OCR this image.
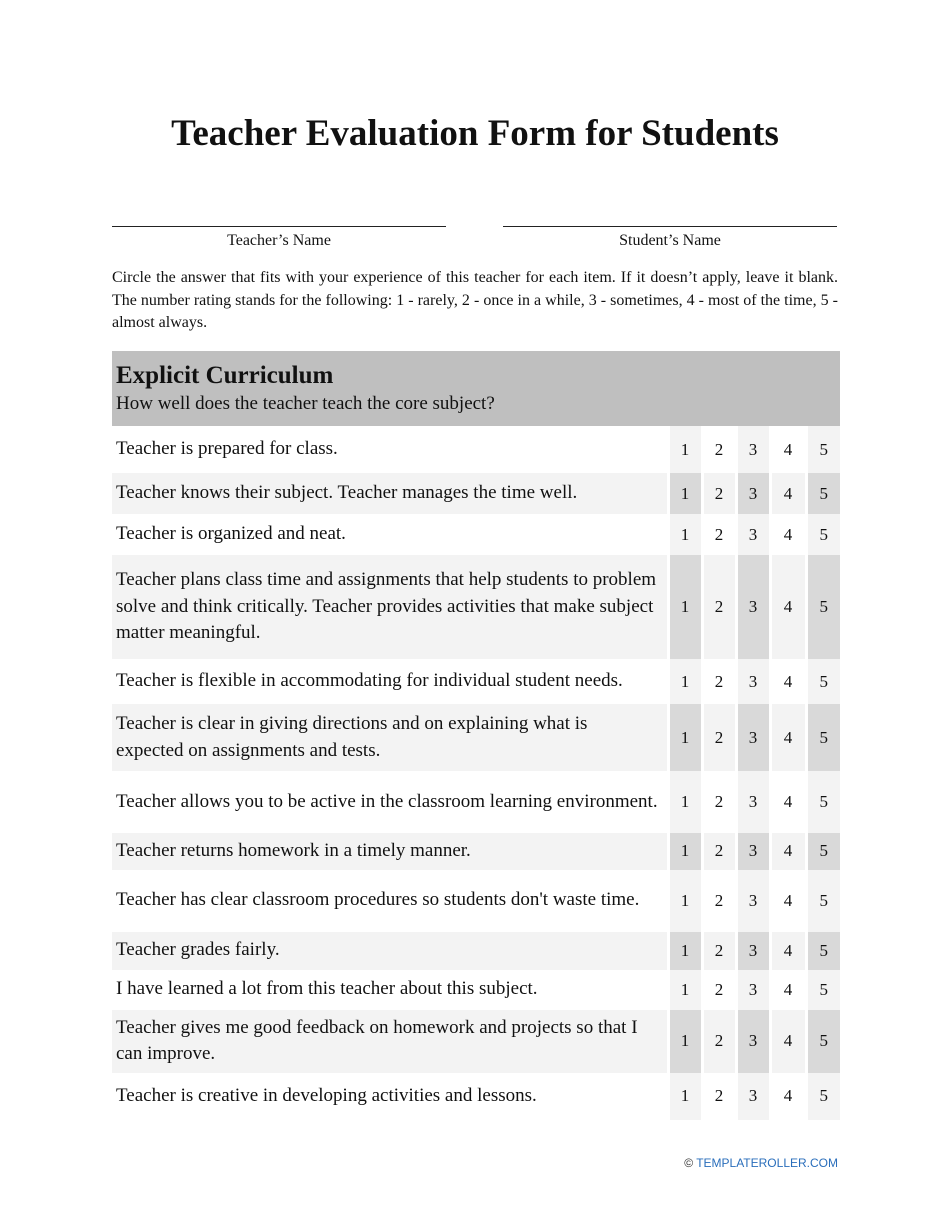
Teacher Evaluation Form for Students
Teacher’s Name	Student’s Name

Circle the answer that fits with your experience of this teacher for each item. If it doesn’t apply, leave it blank. The number rating stands for the following: 1 - rarely, 2 - once in a while, 3 - sometimes, 4 - most of the time, 5 - almost always.

Explicit Curriculum
How well does the teacher teach the core subject?					

Teacher is prepared for class.	1	2	3	4	5
Teacher knows their subject. Teacher manages the time well.	1	2	3	4	5
Teacher is organized and neat.	1	2	3	4	5
Teacher plans class time and assignments that help students to problem solve and think critically. Teacher provides activities that make subject matter meaningful.	1	2	3	4	5
Teacher is flexible in accommodating for individual student needs.	1	2	3	4	5
Teacher is clear in giving directions and on explaining what is expected on assignments and tests.	1	2	3	4	5
Teacher allows you to be active in the classroom learning environment.	1	2	3	4	5
Teacher returns homework in a timely manner.	1	2	3	4	5
Teacher has clear classroom procedures so students don't waste time.	1	2	3	4	5
Teacher grades fairly.	1	2	3	4	5
I have learned a lot from this teacher about this subject.	1	2	3	4	5
Teacher gives me good feedback on homework and projects so that I can improve.	1	2	3	4	5
Teacher is creative in developing activities and lessons.	1	2	3	4	5
© TEMPLATEROLLER.COM
